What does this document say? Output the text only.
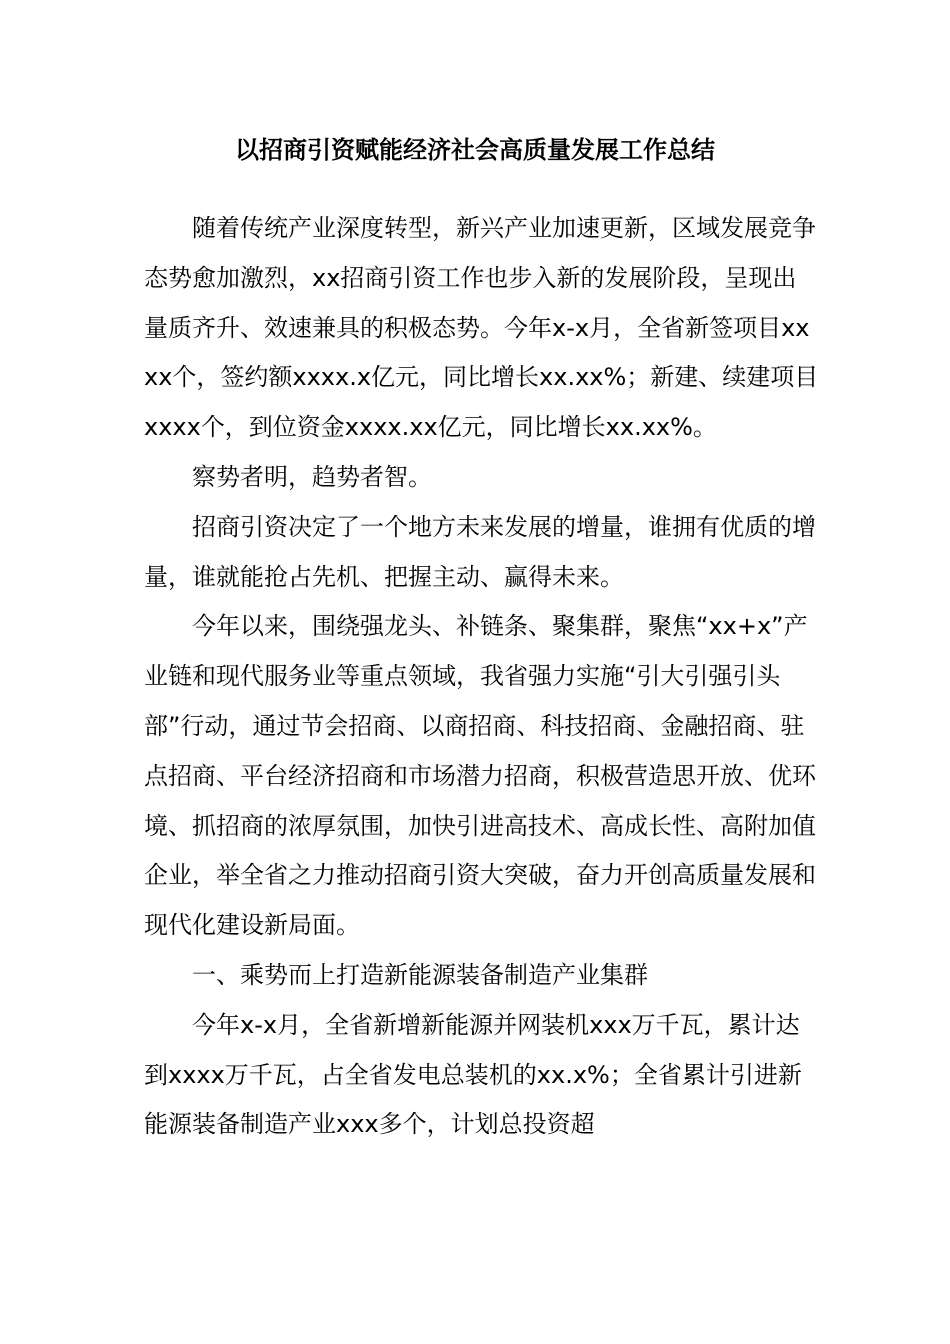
以招商引资赋能经济社会高质量发展工作总结

随着传统产业深度转型，新兴产业加速更新，区域发展竞争态势愈加激烈，xx招商引资工作也步入新的发展阶段，呈现出量质齐升、效速兼具的积极态势。今年x-x月，全省新签项目xxxx个，签约额xxxx.x亿元，同比增长xx.xx%；新建、续建项目xxxx个，到位资金xxxx.xx亿元，同比增长xx.xx%。

察势者明，趋势者智。

招商引资决定了一个地方未来发展的增量，谁拥有优质的增量，谁就能抢占先机、把握主动、赢得未来。

今年以来，围绕强龙头、补链条、聚集群，聚焦“xx+x”产业链和现代服务业等重点领域，我省强力实施“引大引强引头部”行动，通过节会招商、以商招商、科技招商、金融招商、驻点招商、平台经济招商和市场潜力招商，积极营造思开放、优环境、抓招商的浓厚氛围，加快引进高技术、高成长性、高附加值企业，举全省之力推动招商引资大突破，奋力开创高质量发展和现代化建设新局面。

一、乘势而上打造新能源装备制造产业集群

今年x-x月，全省新增新能源并网装机xxx万千瓦，累计达到xxxx万千瓦，占全省发电总装机的xx.x%；全省累计引进新能源装备制造产业xxx多个，计划总投资超
